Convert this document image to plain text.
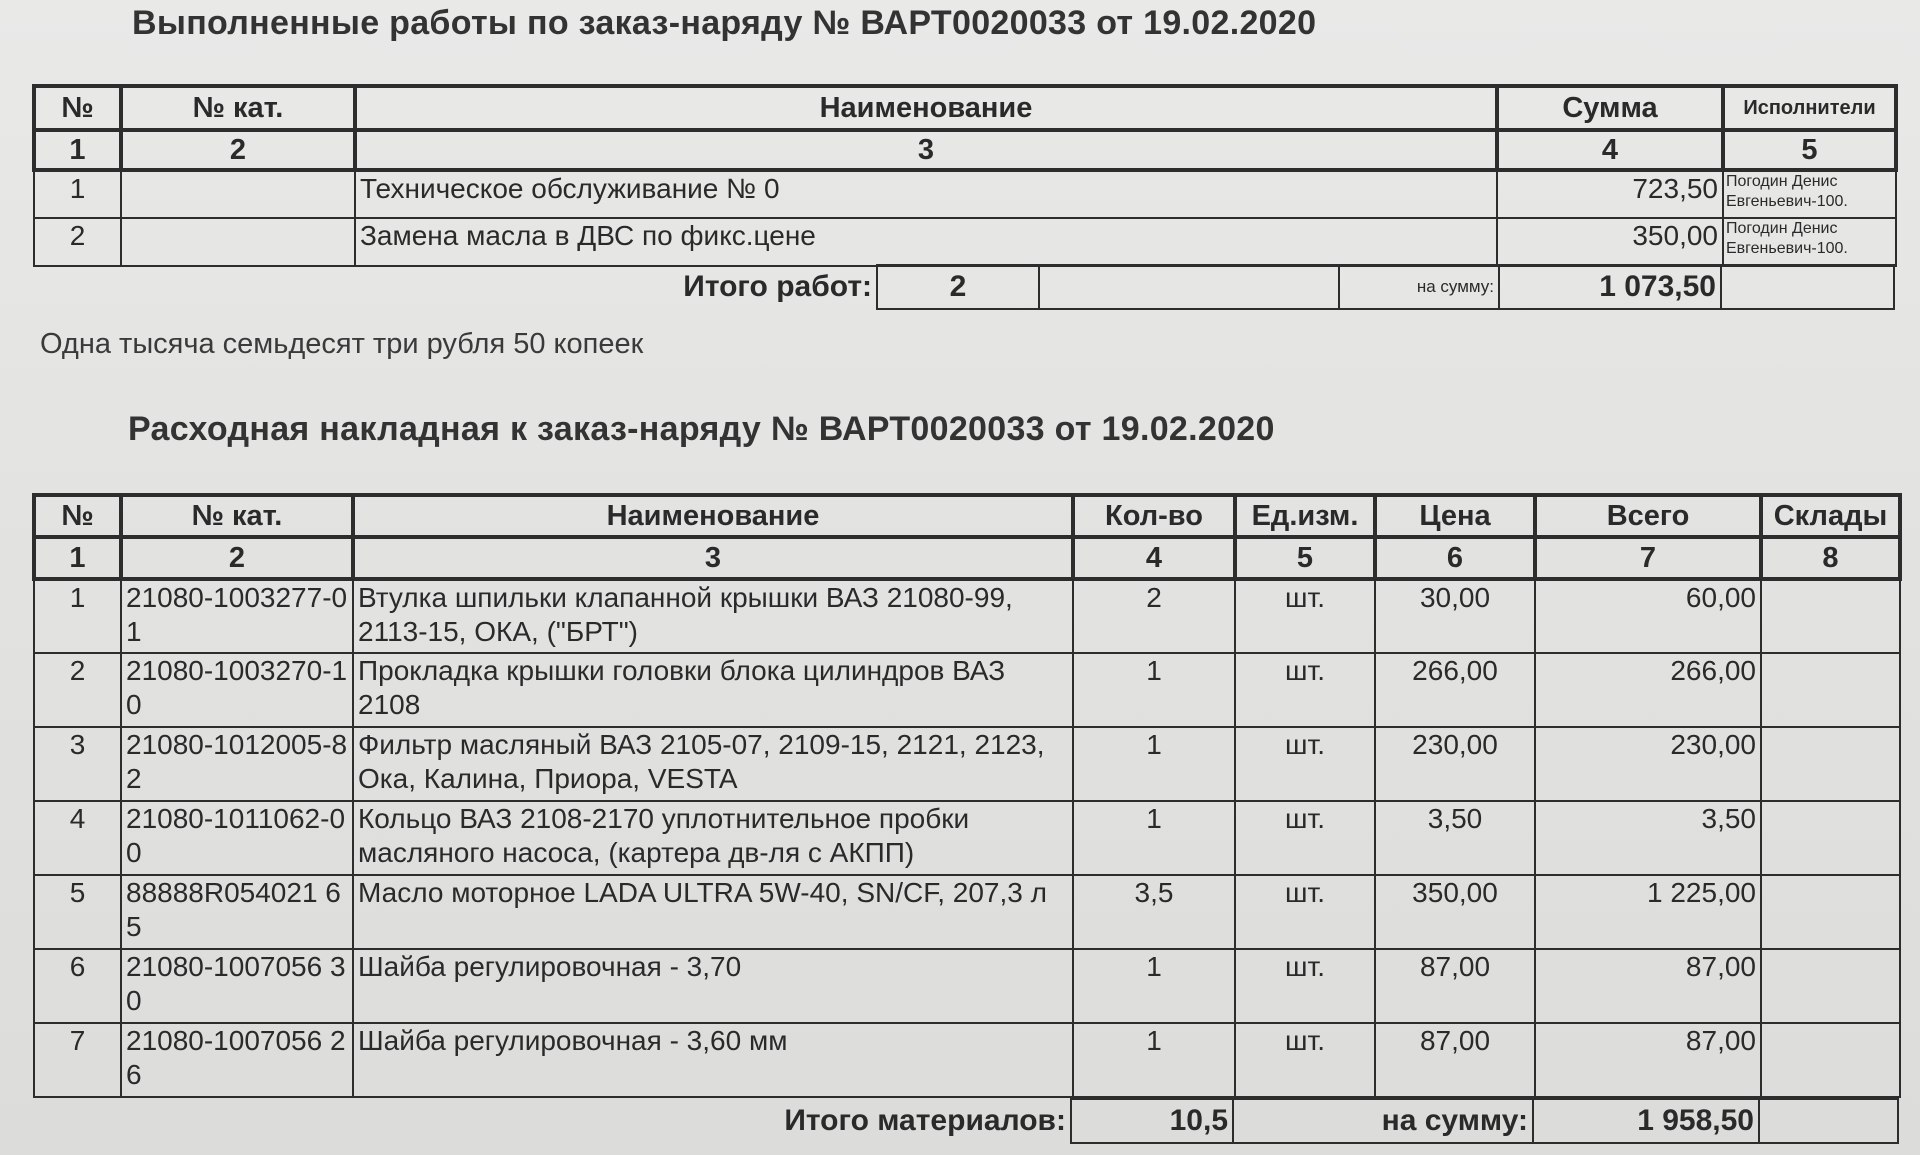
Выполненные работы по заказ-наряду № ВАРТ0020033 от 19.02.2020
№	№ кат.	Наименование	Сумма	Исполнители
1	2	3	4	5
1		Техническое обслуживание № 0	723,50	Погодин Денис Евгеньевич-100.
2		Замена масла в ДВС по фикс.цене	350,00	Погодин Денис Евгеньевич-100.
Итого работ:	2		на сумму:	1 073,50	
Одна тысяча семьдесят три рубля 50 копеек
Расходная накладная к заказ-наряду № ВАРТ0020033 от 19.02.2020
№	№ кат.	Наименование	Кол-во	Ед.изм.	Цена	Всего	Склады
1	2	3	4	5	6	7	8
1	21080-1003277-01	Втулка шпильки клапанной крышки ВАЗ 21080-99, 2113-15, ОКА, ("БРТ")	2	шт.	30,00	60,00	
2	21080-1003270-10	Прокладка крышки головки блока цилиндров ВАЗ 2108	1	шт.	266,00	266,00	
3	21080-1012005-82	Фильтр масляный ВАЗ 2105-07, 2109-15, 2121, 2123, Ока, Калина, Приора, VESTA	1	шт.	230,00	230,00	
4	21080-1011062-00	Кольцо ВАЗ 2108-2170 уплотнительное пробки масляного насоса, (картера дв-ля с АКПП)	1	шт.	3,50	3,50	
5	88888R054021 65	Масло моторное LADA ULTRA 5W-40, SN/CF, 207,3 л	3,5	шт.	350,00	1 225,00	
6	21080-1007056 30	Шайба регулировочная - 3,70	1	шт.	87,00	87,00	
7	21080-1007056 26	Шайба регулировочная - 3,60 мм	1	шт.	87,00	87,00	
Итого материалов:	10,5	на сумму:	1 958,50	
